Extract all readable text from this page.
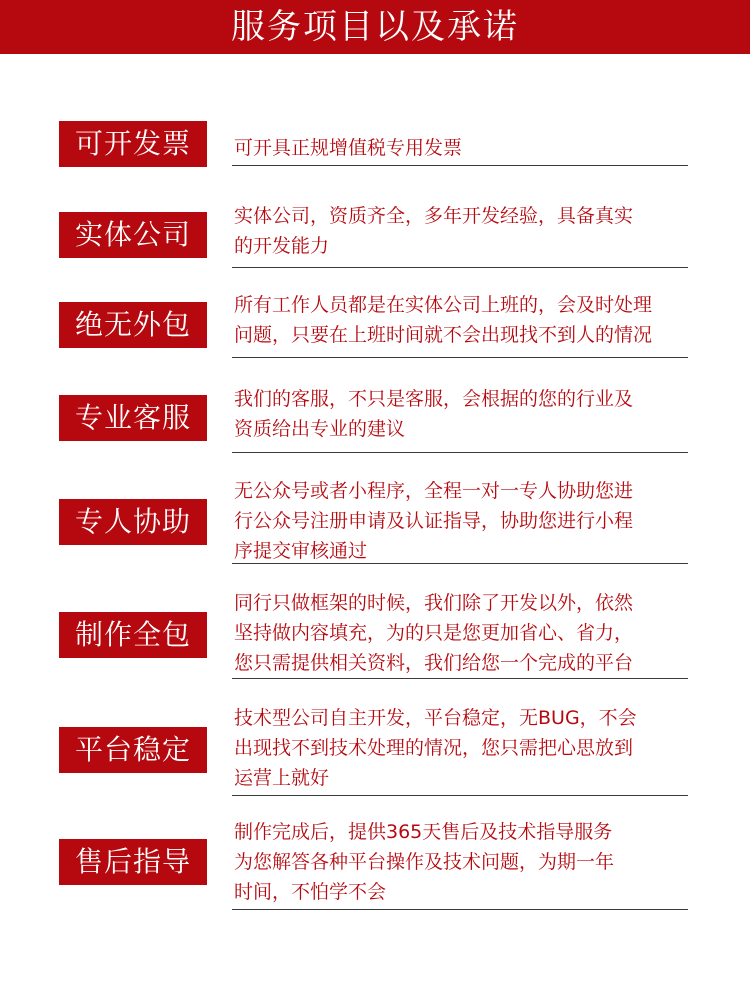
服务项目以及承诺
可开发票	可开具正规增值税专用发票
实体公司
实体公司，资质齐全，多年开发经验，具备真实
的开发能力
绝无外包
所有工作人员都是在实体公司上班的，会及时处理
问题，只要在上班时间就不会出现找不到人的情况
专业客服
我们的客服，不只是客服，会根据的您的行业及
资质给出专业的建议
专人协助
无公众号或者小程序，全程一对一专人协助您进
行公众号注册申请及认证指导，协助您进行小程
序提交审核通过
制作全包
同行只做框架的时候，我们除了开发以外，依然
坚持做内容填充，为的只是您更加省心、省力，
您只需提供相关资料，我们给您一个完成的平台
平台稳定
技术型公司自主开发，平台稳定，无BUG，不会
出现找不到技术处理的情况，您只需把心思放到
运营上就好
售后指导
制作完成后，提供365天售后及技术指导服务
为您解答各种平台操作及技术问题，为期一年
时间，不怕学不会
